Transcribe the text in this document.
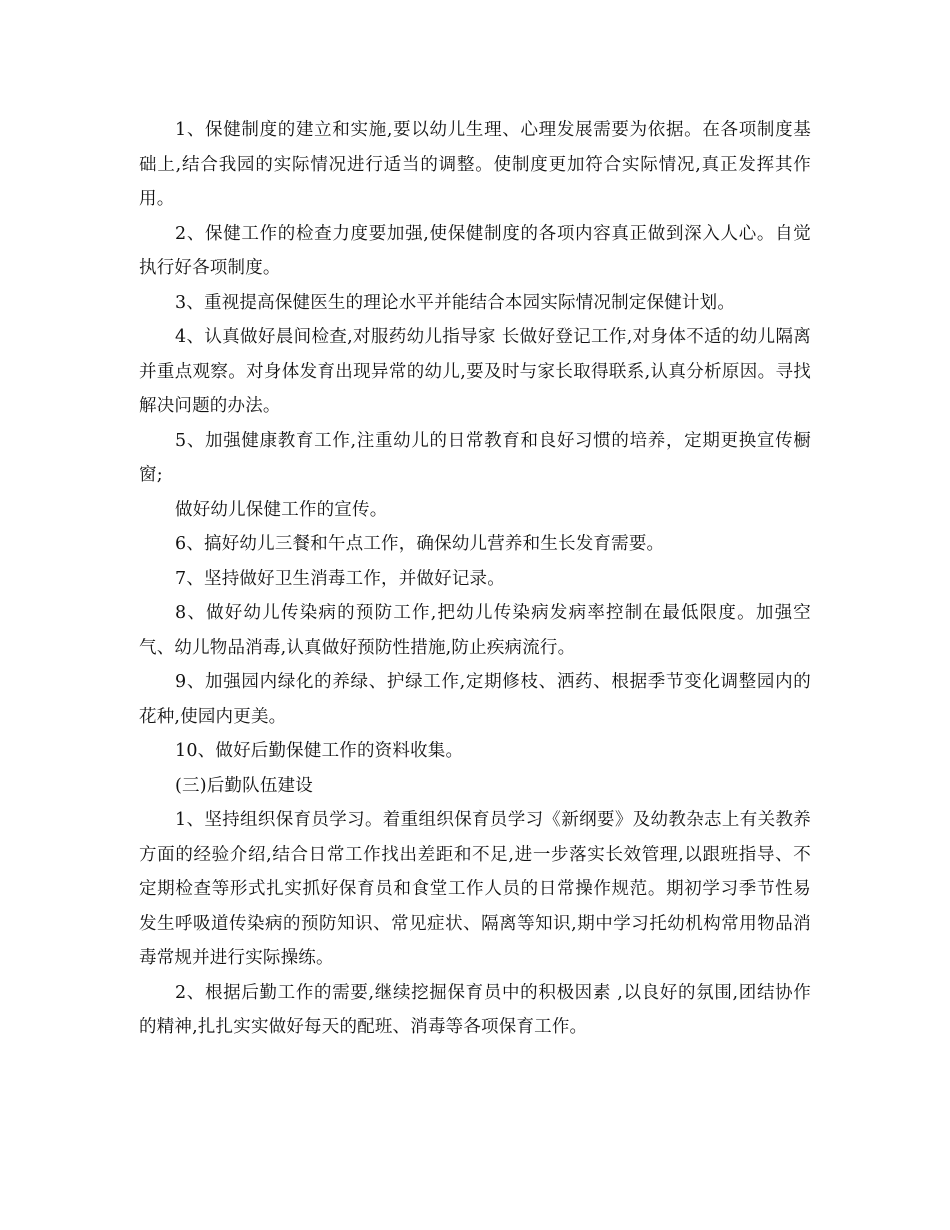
1、保健制度的建立和实施,要以幼儿生理、心理发展需要为依据。在各项制度基础上,结合我园的实际情况进行适当的调整。使制度更加符合实际情况,真正发挥其作用。

2、保健工作的检查力度要加强,使保健制度的各项内容真正做到深入人心。自觉执行好各项制度。

3、重视提高保健医生的理论水平并能结合本园实际情况制定保健计划。

4、认真做好晨间检查,对服药幼儿指导家 长做好登记工作,对身体不适的幼儿隔离并重点观察。对身体发育出现异常的幼儿,要及时与家长取得联系,认真分析原因。寻找解决问题的办法。

5、加强健康教育工作,注重幼儿的日常教育和良好习惯的培养，定期更换宣传橱窗;

做好幼儿保健工作的宣传。

6、搞好幼儿三餐和午点工作，确保幼儿营养和生长发育需要。

7、坚持做好卫生消毒工作，并做好记录。

8、做好幼儿传染病的预防工作,把幼儿传染病发病率控制在最低限度。加强空气、幼儿物品消毒,认真做好预防性措施,防止疾病流行。

9、加强园内绿化的养绿、护绿工作,定期修枝、洒药、根据季节变化调整园内的花种,使园内更美。

10、做好后勤保健工作的资料收集。

(三)后勤队伍建设

1、坚持组织保育员学习。着重组织保育员学习《新纲要》及幼教杂志上有关教养方面的经验介绍,结合日常工作找出差距和不足,进一步落实长效管理,以跟班指导、不定期检查等形式扎实抓好保育员和食堂工作人员的日常操作规范。期初学习季节性易发生呼吸道传染病的预防知识、常见症状、隔离等知识,期中学习托幼机构常用物品消毒常规并进行实际操练。

2、根据后勤工作的需要,继续挖掘保育员中的积极因素 ,以良好的氛围,团结协作的精神,扎扎实实做好每天的配班、消毒等各项保育工作。
